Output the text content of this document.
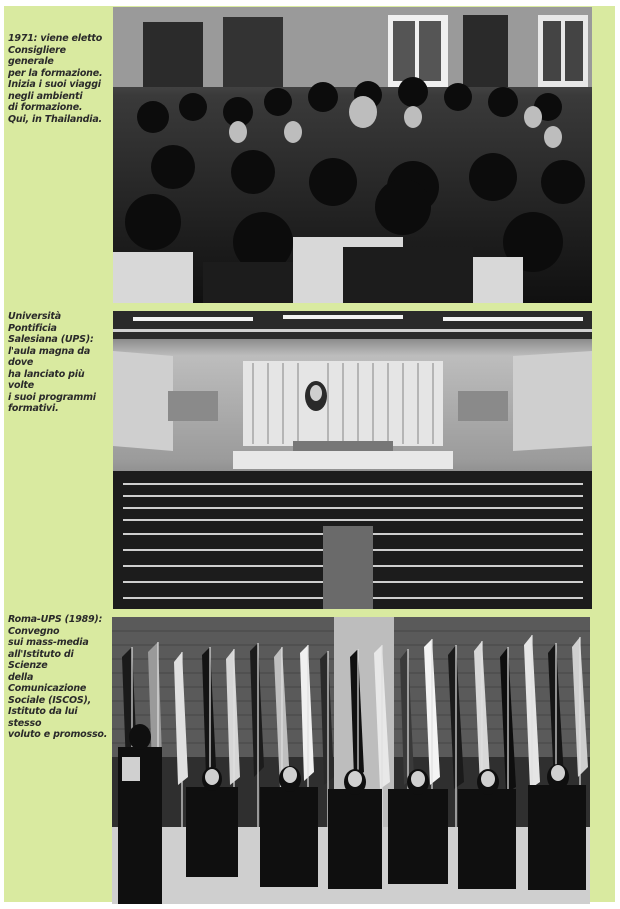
1971: viene eletto
Consigliere generale
per la formazione.
Inizia i suoi viaggi
negli ambienti
di formazione.
Qui, in Thailandia.
Università Pontificia
Salesiana (UPS):
l'aula magna da dove
ha lanciato più volte
i suoi programmi
formativi.
Roma-UPS (1989):
Convegno
sui mass-media
all'Istituto di Scienze
della Comunicazione
Sociale (ISCOS),
Istituto da lui stesso
voluto e promosso.
